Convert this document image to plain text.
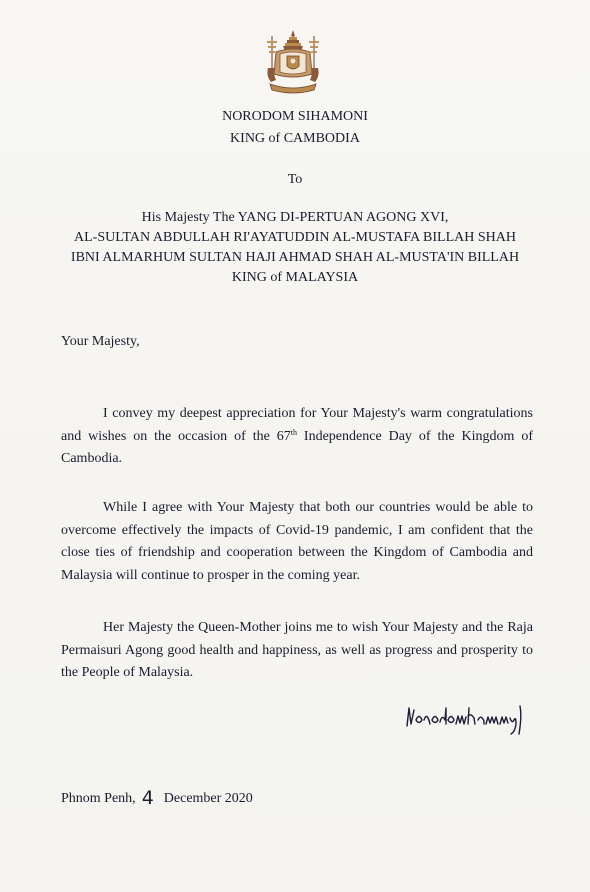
NORODOM SIHAMONI
KING of CAMBODIA
To
His Majesty The YANG DI-PERTUAN AGONG XVI,
AL-SULTAN ABDULLAH RI'AYATUDDIN AL-MUSTAFA BILLAH SHAH
IBNI ALMARHUM SULTAN HAJI AHMAD SHAH AL-MUSTA'IN BILLAH
KING of MALAYSIA
Your Majesty,

I convey my deepest appreciation for Your Majesty's warm congratulations and wishes on the occasion of the 67th Independence Day of the Kingdom of Cambodia.

While I agree with Your Majesty that both our countries would be able to overcome effectively the impacts of Covid-19 pandemic, I am confident that the close ties of friendship and cooperation between the Kingdom of Cambodia and Malaysia will continue to prosper in the coming year.

Her Majesty the Queen-Mother joins me to wish Your Majesty and the Raja Permaisuri Agong good health and happiness, as well as progress and prosperity to the People of Malaysia.

Phnom Penh, 4 December 2020
